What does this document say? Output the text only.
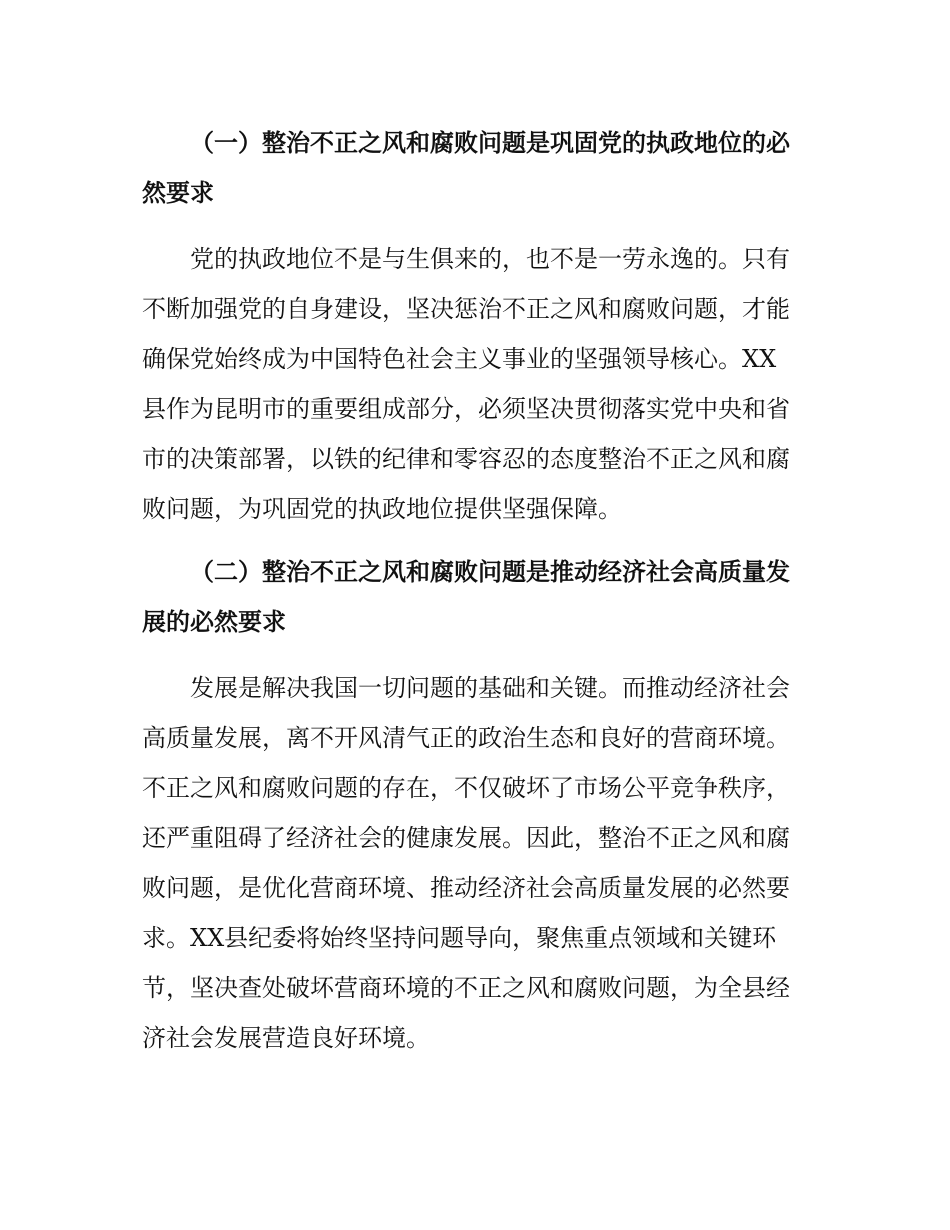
（一）整治不正之风和腐败问题是巩固党的执政地位的必
然要求
党的执政地位不是与生俱来的，也不是一劳永逸的。只有
不断加强党的自身建设，坚决惩治不正之风和腐败问题，才能
确保党始终成为中国特色社会主义事业的坚强领导核心。XX
县作为昆明市的重要组成部分，必须坚决贯彻落实党中央和省
市的决策部署，以铁的纪律和零容忍的态度整治不正之风和腐
败问题，为巩固党的执政地位提供坚强保障。
（二）整治不正之风和腐败问题是推动经济社会高质量发
展的必然要求
发展是解决我国一切问题的基础和关键。而推动经济社会
高质量发展，离不开风清气正的政治生态和良好的营商环境。
不正之风和腐败问题的存在，不仅破坏了市场公平竞争秩序，
还严重阻碍了经济社会的健康发展。因此，整治不正之风和腐
败问题，是优化营商环境、推动经济社会高质量发展的必然要
求。XX县纪委将始终坚持问题导向，聚焦重点领域和关键环
节，坚决查处破坏营商环境的不正之风和腐败问题，为全县经
济社会发展营造良好环境。
